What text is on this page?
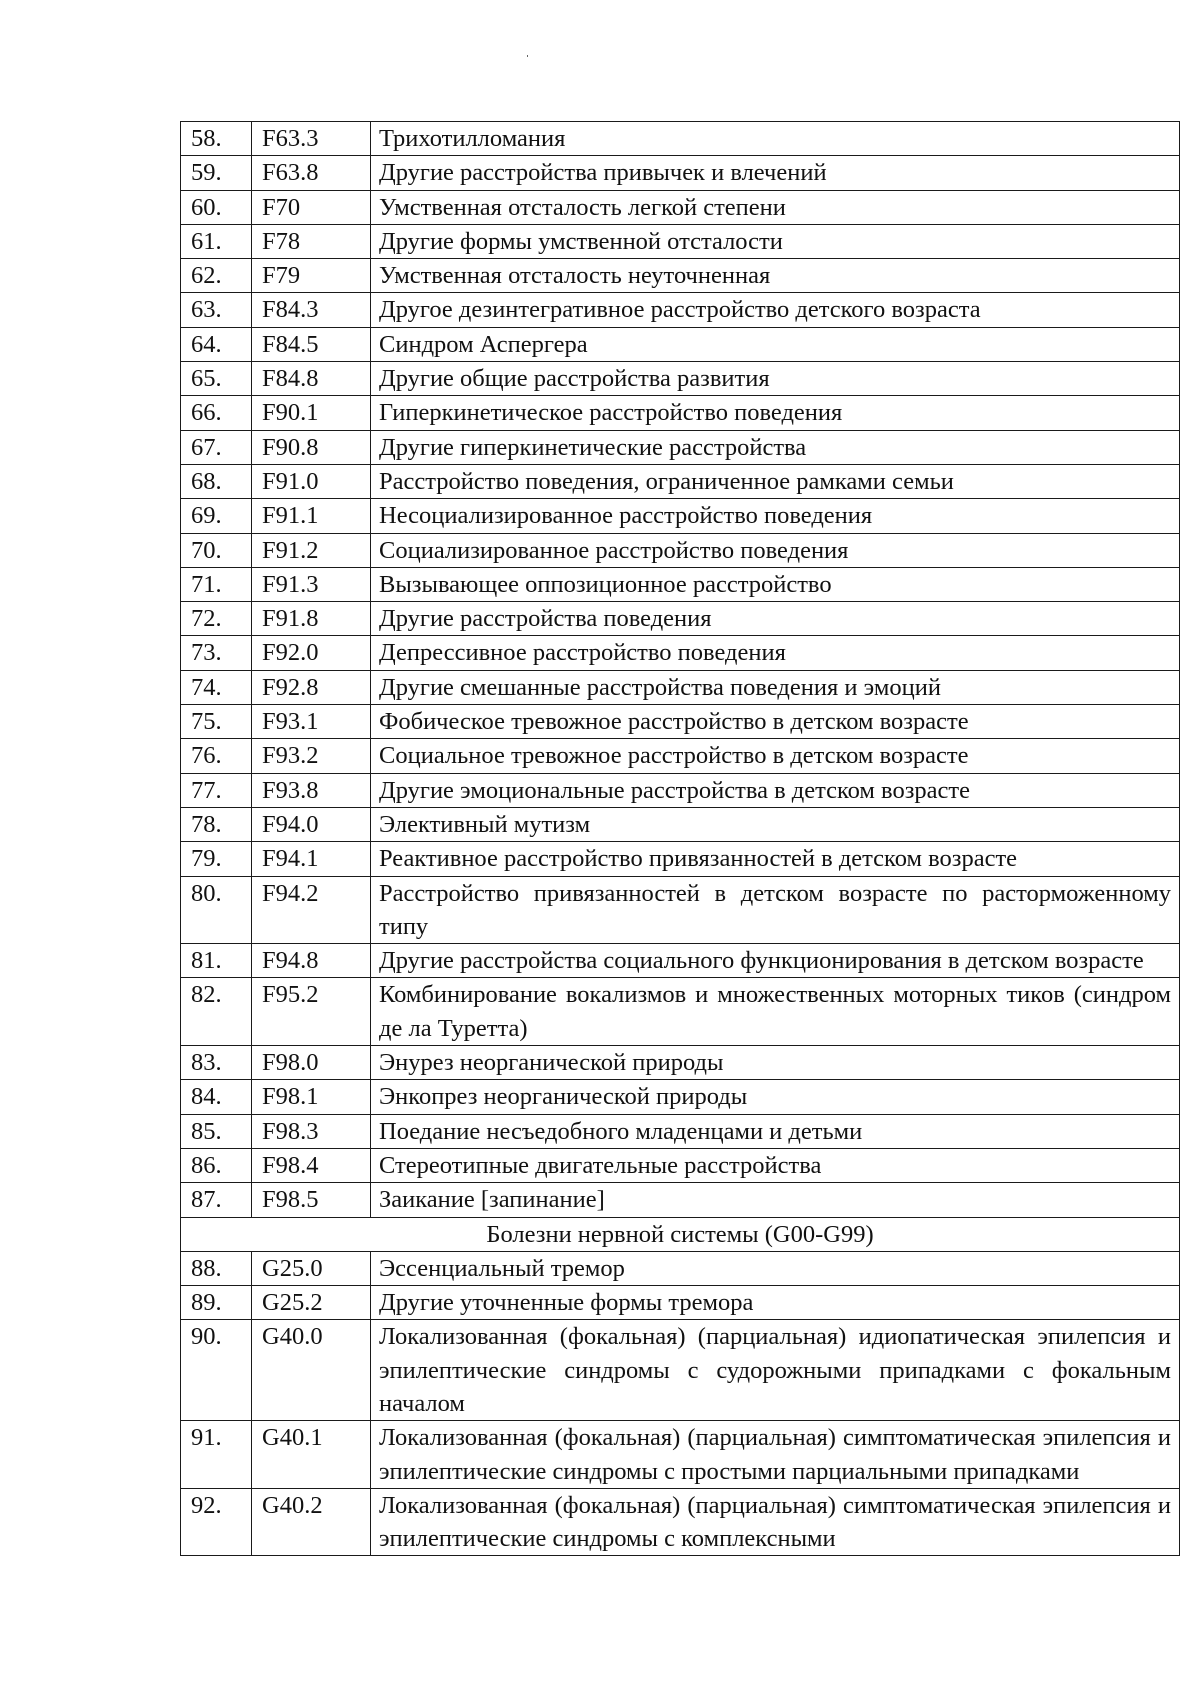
58.	F63.3	Трихотилломания
59.	F63.8	Другие расстройства привычек и влечений
60.	F70	Умственная отсталость легкой степени
61.	F78	Другие формы умственной отсталости
62.	F79	Умственная отсталость неуточненная
63.	F84.3	Другое дезинтегративное расстройство детского возраста
64.	F84.5	Синдром Аспергера
65.	F84.8	Другие общие расстройства развития
66.	F90.1	Гиперкинетическое расстройство поведения
67.	F90.8	Другие гиперкинетические расстройства
68.	F91.0	Расстройство поведения, ограниченное рамками семьи
69.	F91.1	Несоциализированное расстройство поведения
70.	F91.2	Социализированное расстройство поведения
71.	F91.3	Вызывающее оппозиционное расстройство
72.	F91.8	Другие расстройства поведения
73.	F92.0	Депрессивное расстройство поведения
74.	F92.8	Другие смешанные расстройства поведения и эмоций
75.	F93.1	Фобическое тревожное расстройство в детском возрасте
76.	F93.2	Социальное тревожное расстройство в детском возрасте
77.	F93.8	Другие эмоциональные расстройства в детском возрасте
78.	F94.0	Элективный мутизм
79.	F94.1	Реактивное расстройство привязанностей в детском возрасте
80.	F94.2	Расстройство привязанностей в детском возрасте по расторможенному типу
81.	F94.8	Другие расстройства социального функционирования в детском возрасте
82.	F95.2	Комбинирование вокализмов и множественных моторных тиков (синдром де ла Туретта)
83.	F98.0	Энурез неорганической природы
84.	F98.1	Энкопрез неорганической природы
85.	F98.3	Поедание несъедобного младенцами и детьми
86.	F98.4	Стереотипные двигательные расстройства
87.	F98.5	Заикание [запинание]
Болезни нервной системы (G00-G99)		
88.	G25.0	Эссенциальный тремор
89.	G25.2	Другие уточненные формы тремора
90.	G40.0	Локализованная (фокальная) (парциальная) идиопатическая эпилепсия и эпилептические синдромы с судорожными припадками с фокальным началом
91.	G40.1	Локализованная (фокальная) (парциальная) симптоматическая эпилепсия и эпилептические синдромы с простыми парциальными припадками
92.	G40.2	Локализованная (фокальная) (парциальная) симптоматическая эпилепсия и эпилептические синдромы с комплексными
